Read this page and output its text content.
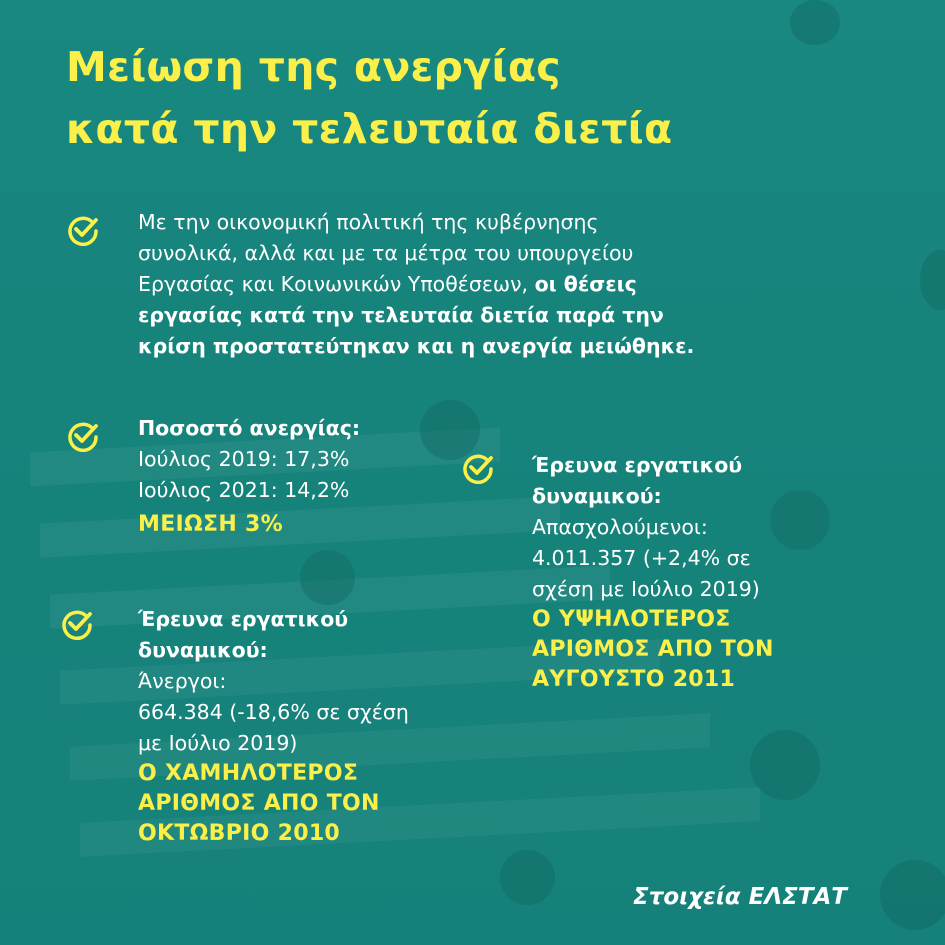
Μείωση της ανεργίας
κατά την τελευταία διετία

Με την οικονομική πολιτική της κυβέρνησης

συνολικά, αλλά και με τα μέτρα του υπουργείου

Εργασίας και Κοινωνικών Υποθέσεων, οι θέσεις

εργασίας κατά την τελευταία διετία παρά την

κρίση προστατεύτηκαν και η ανεργία μειώθηκε.

Ποσοστό ανεργίας:

Ιούλιος 2019: 17,3%

Ιούλιος 2021: 14,2%

ΜΕΙΩΣΗ 3%

Έρευνα εργατικού

δυναμικού:

Απασχολούμενοι:

4.011.357 (+2,4% σε

σχέση με Ιούλιο 2019)

Ο ΥΨΗΛΟΤΕΡΟΣ

ΑΡΙΘΜΟΣ ΑΠΟ ΤΟΝ

ΑΥΓΟΥΣΤΟ 2011

Έρευνα εργατικού

δυναμικού:

Άνεργοι:

664.384 (-18,6% σε σχέση

με Ιούλιο 2019)

Ο ΧΑΜΗΛΟΤΕΡΟΣ

ΑΡΙΘΜΟΣ ΑΠΟ ΤΟΝ

ΟΚΤΩΒΡΙΟ 2010

Στοιχεία ΕΛΣΤΑΤ
